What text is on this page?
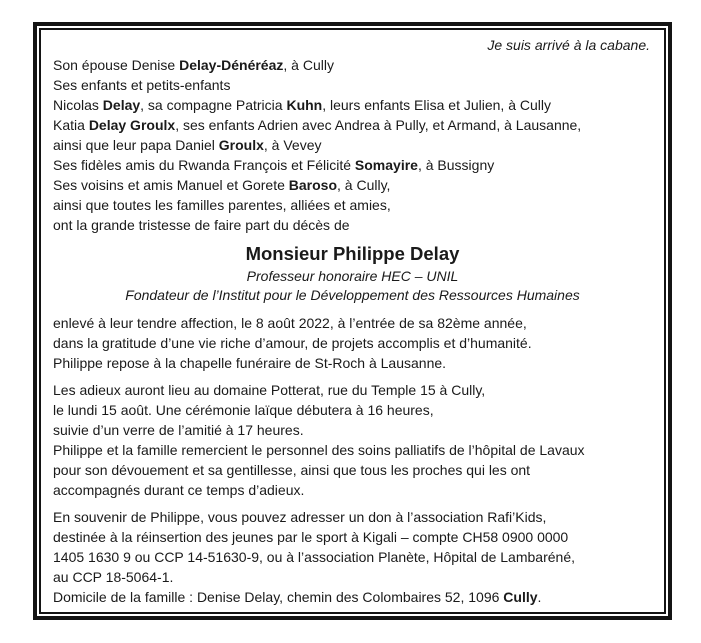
Je suis arrivé à la cabane.
Son épouse Denise Delay-Dénéréaz, à Cully
Ses enfants et petits-enfants
Nicolas Delay, sa compagne Patricia Kuhn, leurs enfants Elisa et Julien, à Cully
Katia Delay Groulx, ses enfants Adrien avec Andrea à Pully, et Armand, à Lausanne,
ainsi que leur papa Daniel Groulx, à Vevey
Ses fidèles amis du Rwanda François et Félicité Somayire, à Bussigny
Ses voisins et amis Manuel et Gorete Baroso, à Cully,
ainsi que toutes les familles parentes, alliées et amies,
ont la grande tristesse de faire part du décès de
Monsieur Philippe Delay
Professeur honoraire HEC – UNIL
Fondateur de l’Institut pour le Développement des Ressources Humaines
enlevé à leur tendre affection, le 8 août 2022, à l’entrée de sa 82ème année,
dans la gratitude d’une vie riche d’amour, de projets accomplis et d’humanité.
Philippe repose à la chapelle funéraire de St-Roch à Lausanne.
Les adieux auront lieu au domaine Potterat, rue du Temple 15 à Cully,
le lundi 15 août. Une cérémonie laïque débutera à 16 heures,
suivie d’un verre de l’amitié à 17 heures.
Philippe et la famille remercient le personnel des soins palliatifs de l’hôpital de Lavaux
pour son dévouement et sa gentillesse, ainsi que tous les proches qui les ont
accompagnés durant ce temps d’adieux.
En souvenir de Philippe, vous pouvez adresser un don à l’association Rafi’Kids,
destinée à la réinsertion des jeunes par le sport à Kigali – compte CH58 0900 0000
1405 1630 9 ou CCP 14-51630-9, ou à l’association Planète, Hôpital de Lambaréné,
au CCP 18-5064-1.
Domicile de la famille : Denise Delay, chemin des Colombaires 52, 1096 Cully.
